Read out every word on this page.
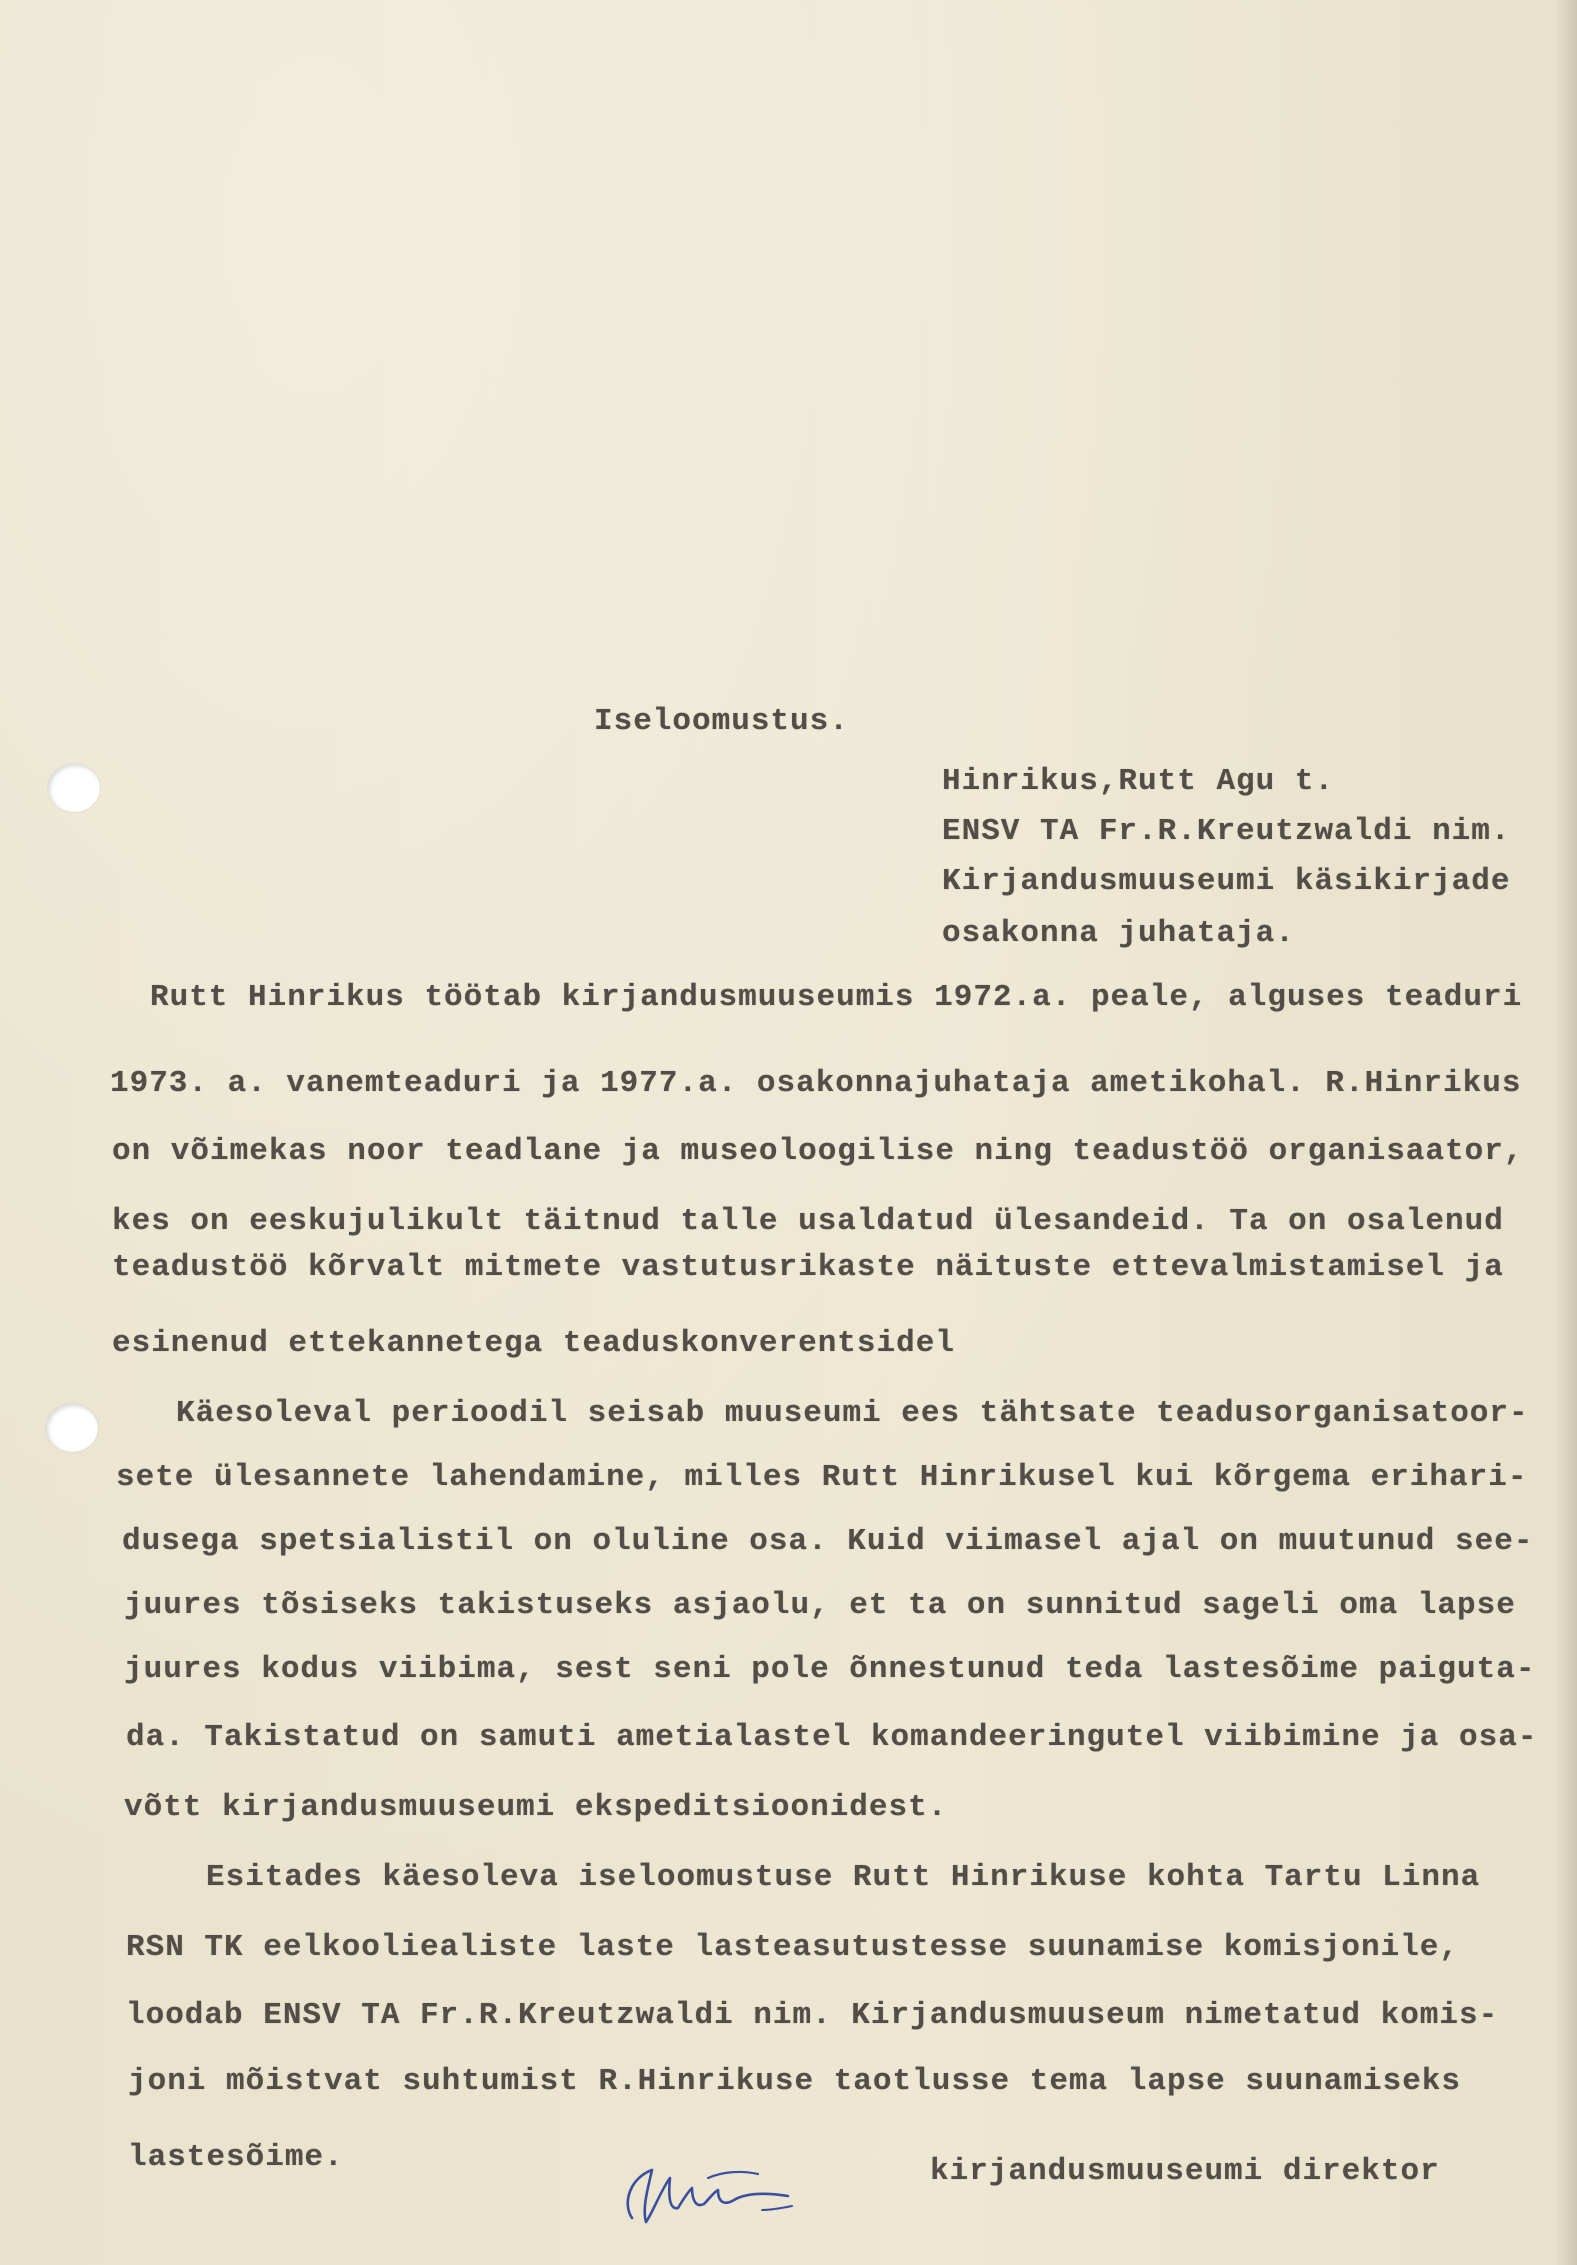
Iseloomustus.
Hinrikus,Rutt Agu t.
ENSV TA Fr.R.Kreutzwaldi nim.
Kirjandusmuuseumi käsikirjade
osakonna juhataja.
Rutt Hinrikus töötab kirjandusmuuseumis 1972.a. peale, alguses teaduri
1973. a. vanemteaduri ja 1977.a. osakonnajuhataja ametikohal. R.Hinrikus
on võimekas noor teadlane ja museoloogilise ning teadustöö organisaator,
kes on eeskujulikult täitnud talle usaldatud ülesandeid. Ta on osalenud
teadustöö kõrvalt mitmete vastutusrikaste näituste ettevalmistamisel ja
esinenud ettekannetega teaduskonverentsidel
Käesoleval perioodil seisab muuseumi ees tähtsate teadusorganisatoor-
sete ülesannete lahendamine, milles Rutt Hinrikusel kui kõrgema erihari-
dusega spetsialistil on oluline osa. Kuid viimasel ajal on muutunud see-
juures tõsiseks takistuseks asjaolu, et ta on sunnitud sageli oma lapse
juures kodus viibima, sest seni pole õnnestunud teda lastesõime paiguta-
da. Takistatud on samuti ametialastel komandeeringutel viibimine ja osa-
võtt kirjandusmuuseumi ekspeditsioonidest.
Esitades käesoleva iseloomustuse Rutt Hinrikuse kohta Tartu Linna
RSN TK eelkooliealiste laste lasteasutustesse suunamise komisjonile,
loodab ENSV TA Fr.R.Kreutzwaldi nim. Kirjandusmuuseum nimetatud komis-
joni mõistvat suhtumist R.Hinrikuse taotlusse tema lapse suunamiseks
lastesõime.	kirjandusmuuseumi direktor
